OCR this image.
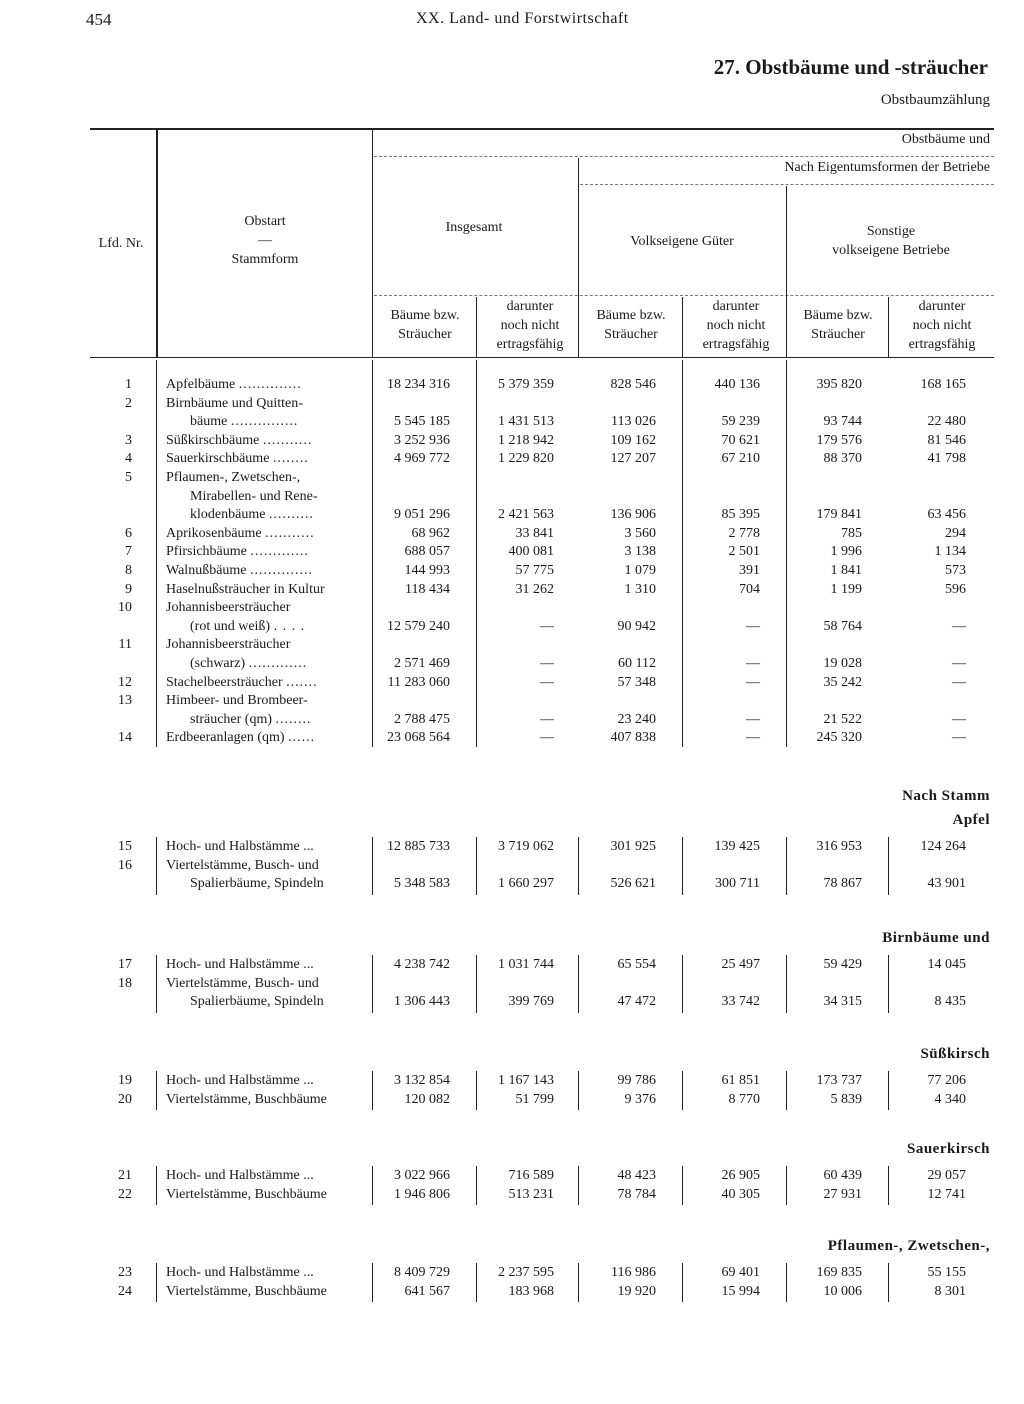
454	XX. Land- und Forstwirtschaft
27. Obstbäume und -sträucher
Obstbaumzählung
Lfd. Nr.
Obstart
—
Stammform
Obstbäume und
Nach Eigentumsformen der Betriebe
Insgesamt
Volkseigene Güter
Sonstige
volkseigene Betriebe
Bäume bzw.
Sträucher
darunter
noch nicht
ertragsfähig
Bäume bzw.
Sträucher
darunter
noch nicht
ertragsfähig
Bäume bzw.
Sträucher
darunter
noch nicht
ertragsfähig
1 Apfelbäume ..............	18 234 316	5 379 359	828 546	440 136	395 820	168 165
2 Birnbäume und Quitten-
bäume ...............	5 545 185	1 431 513	113 026	59 239	93 744	22 480
3 Süßkirschbäume ...........	3 252 936	1 218 942	109 162	70 621	179 576	81 546
4 Sauerkirschbäume ........	4 969 772	1 229 820	127 207	67 210	88 370	41 798
5 Pflaumen-, Zwetschen-,
Mirabellen- und Rene-
klodenbäume ..........	9 051 296	2 421 563	136 906	85 395	179 841	63 456
6 Aprikosenbäume ...........	68 962	33 841	3 560	2 778	785	294
7 Pfirsichbäume .............	688 057	400 081	3 138	2 501	1 996	1 134
8 Walnußbäume ..............	144 993	57 775	1 079	391	1 841	573
9 Haselnußsträucher in Kultur	118 434	31 262	1 310	704	1 199	596
10 Johannisbeersträucher
(rot und weiß) . . . .	12 579 240	—	90 942	—	58 764	—
11 Johannisbeersträucher
(schwarz) .............	2 571 469	—	60 112	—	19 028	—
12 Stachelbeersträucher .......	11 283 060	—	57 348	—	35 242	—
13 Himbeer- und Brombeer-
sträucher (qm) ........	2 788 475	—	23 240	—	21 522	—
14 Erdbeeranlagen (qm) ......	23 068 564	—	407 838	—	245 320	—
Nach Stamm
Apfel
15 Hoch- und Halbstämme ...	12 885 733	3 719 062	301 925	139 425	316 953	124 264
16 Viertelstämme, Busch- und
Spalierbäume, Spindeln	5 348 583	1 660 297	526 621	300 711	78 867	43 901
Birnbäume und
17 Hoch- und Halbstämme ...	4 238 742	1 031 744	65 554	25 497	59 429	14 045
18 Viertelstämme, Busch- und
Spalierbäume, Spindeln	1 306 443	399 769	47 472	33 742	34 315	8 435
Süßkirsch
19 Hoch- und Halbstämme ...	3 132 854	1 167 143	99 786	61 851	173 737	77 206
20 Viertelstämme, Buschbäume	120 082	51 799	9 376	8 770	5 839	4 340
Sauerkirsch
21 Hoch- und Halbstämme ...	3 022 966	716 589	48 423	26 905	60 439	29 057
22 Viertelstämme, Buschbäume	1 946 806	513 231	78 784	40 305	27 931	12 741
Pflaumen-, Zwetschen-,
23 Hoch- und Halbstämme ...	8 409 729	2 237 595	116 986	69 401	169 835	55 155
24 Viertelstämme, Buschbäume	641 567	183 968	19 920	15 994	10 006	8 301
